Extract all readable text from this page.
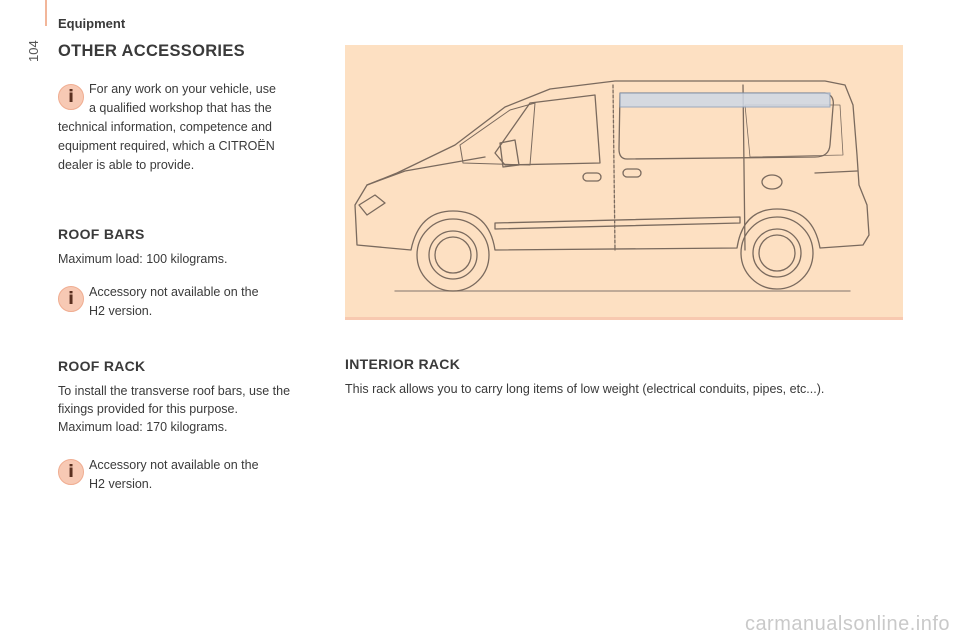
104
Equipment
OTHER ACCESSORIES
i	For any work on your vehicle, use

a qualified workshop that has the

technical information, competence and

equipment required, which a CITROËN

dealer is able to provide.

ROOF BARS

Maximum load: 100 kilograms.

i	Accessory not available on the

H2 version.

ROOF RACK

To install the transverse roof bars, use the

fixings provided for this purpose.

Maximum load: 170 kilograms.

i	Accessory not available on the

H2 version.

INTERIOR RACK

This rack allows you to carry long items of low weight (electrical conduits, pipes, etc...).

carmanualsonline.info
